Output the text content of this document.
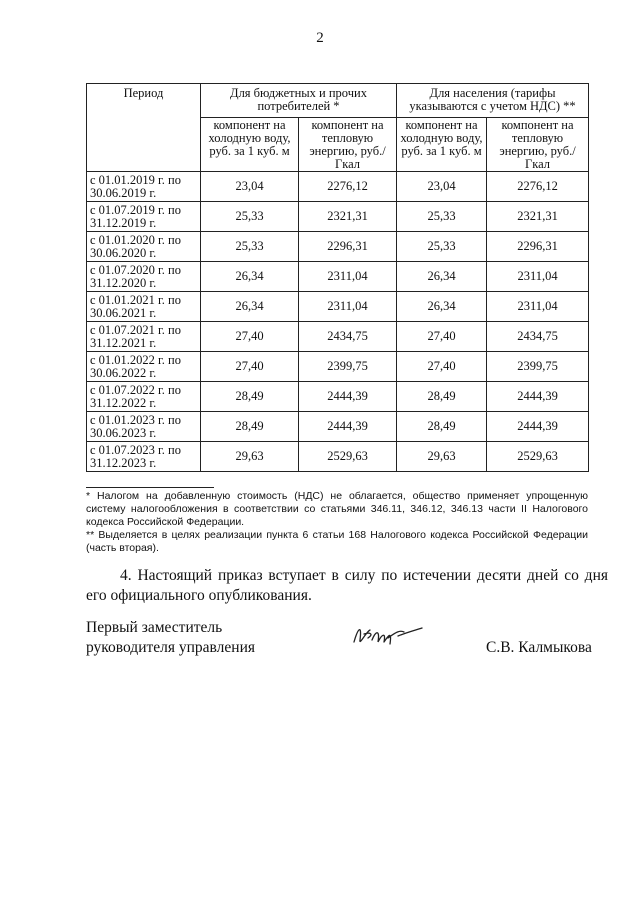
2
Период	Для бюджетных и прочих потребителей *		Для населения (тарифы указываются с учетом НДС) **	
	компонент на холодную воду, руб. за 1 куб. м	компонент на тепловую энергию, руб./Гкал	компонент на холодную воду, руб. за 1 куб. м	компонент на тепловую энергию, руб./Гкал
с 01.01.2019 г. по 30.06.2019 г.	23,04	2276,12	23,04	2276,12
с 01.07.2019 г. по 31.12.2019 г.	25,33	2321,31	25,33	2321,31
с 01.01.2020 г. по 30.06.2020 г.	25,33	2296,31	25,33	2296,31
с 01.07.2020 г. по 31.12.2020 г.	26,34	2311,04	26,34	2311,04
с 01.01.2021 г. по 30.06.2021 г.	26,34	2311,04	26,34	2311,04
с 01.07.2021 г. по 31.12.2021 г.	27,40	2434,75	27,40	2434,75
с 01.01.2022 г. по 30.06.2022 г.	27,40	2399,75	27,40	2399,75
с 01.07.2022 г. по 31.12.2022 г.	28,49	2444,39	28,49	2444,39
с 01.01.2023 г. по 30.06.2023 г.	28,49	2444,39	28,49	2444,39
с 01.07.2023 г. по 31.12.2023 г.	29,63	2529,63	29,63	2529,63

* Налогом на добавленную стоимость (НДС) не облагается, общество применяет упрощенную систему налогообложения в соответствии со статьями 346.11, 346.12, 346.13 части II Налогового кодекса Российской Федерации.

** Выделяется в целях реализации пункта 6 статьи 168 Налогового кодекса Российской Федерации (часть вторая).

4. Настоящий приказ вступает в силу по истечении десяти дней со дня его официального опубликования.
Первый заместитель
руководителя управления	С.В. Калмыкова
